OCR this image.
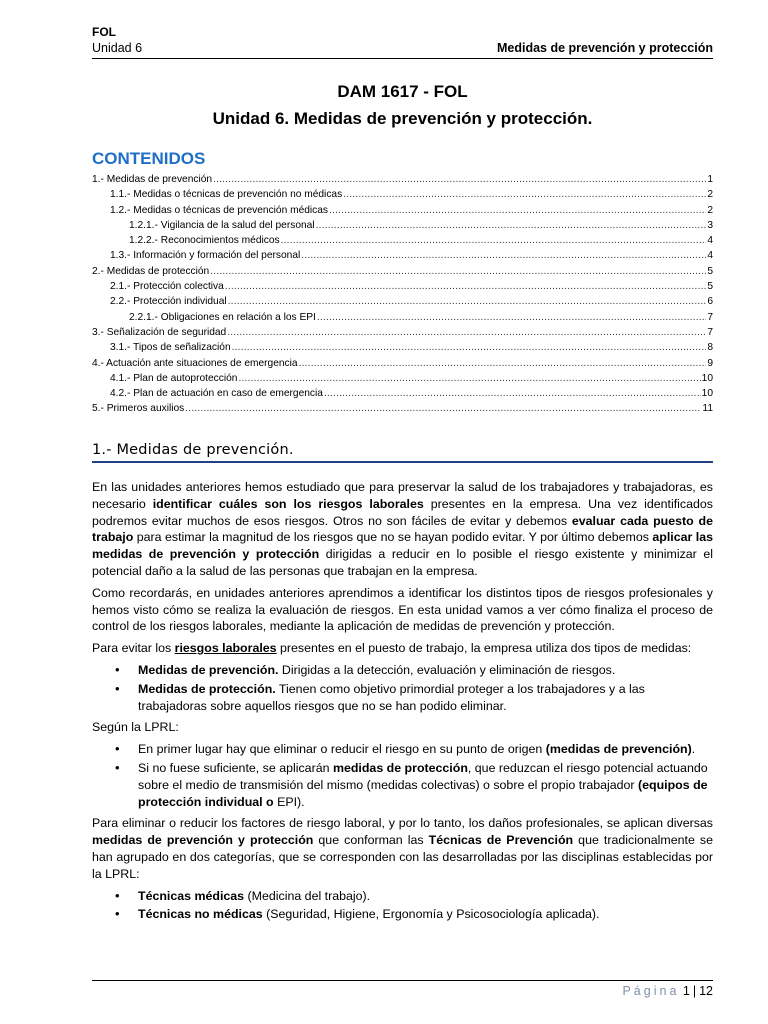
FOL
Unidad 6	Medidas de prevención y protección
DAM 1617 - FOL
Unidad 6. Medidas de prevención y protección.
CONTENIDOS
1.- Medidas de prevención .....	1
1.1.- Medidas o técnicas de prevención no médicas .....	2
1.2.- Medidas o técnicas de prevención médicas .....	2
1.2.1.- Vigilancia de la salud del personal .....	3
1.2.2.- Reconocimientos médicos .....	4
1.3.- Información y formación del personal .....	4
2.- Medidas de protección .....	5
2.1.- Protección colectiva .....	5
2.2.- Protección individual .....	6
2.2.1.- Obligaciones en relación a los EPI .....	7
3.- Señalización de seguridad .....	7
3.1.- Tipos de señalización .....	8
4.- Actuación ante situaciones de emergencia .....	9
4.1.- Plan de autoprotección .....	10
4.2.- Plan de actuación en caso de emergencia .....	10
5.- Primeros auxilios .....	11
1.- Medidas de prevención.

En las unidades anteriores hemos estudiado que para preservar la salud de los trabajadores y trabajadoras, es necesario identificar cuáles son los riesgos laborales presentes en la empresa. Una vez identificados podremos evitar muchos de esos riesgos. Otros no son fáciles de evitar y debemos evaluar cada puesto de trabajo para estimar la magnitud de los riesgos que no se hayan podido evitar. Y por último debemos aplicar las medidas de prevención y protección dirigidas a reducir en lo posible el riesgo existente y minimizar el potencial daño a la salud de las personas que trabajan en la empresa.

Como recordarás, en unidades anteriores aprendimos a identificar los distintos tipos de riesgos profesionales y hemos visto cómo se realiza la evaluación de riesgos. En esta unidad vamos a ver cómo finaliza el proceso de control de los riesgos laborales, mediante la aplicación de medidas de prevención y protección.

Para evitar los riesgos laborales presentes en el puesto de trabajo, la empresa utiliza dos tipos de medidas:

• Medidas de prevención. Dirigidas a la detección, evaluación y eliminación de riesgos.
• Medidas de protección. Tienen como objetivo primordial proteger a los trabajadores y a las trabajadoras sobre aquellos riesgos que no se han podido eliminar.

Según la LPRL:

• En primer lugar hay que eliminar o reducir el riesgo en su punto de origen (medidas de prevención).
• Si no fuese suficiente, se aplicarán medidas de protección, que reduzcan el riesgo potencial actuando sobre el medio de transmisión del mismo (medidas colectivas) o sobre el propio trabajador (equipos de protección individual o EPI).

Para eliminar o reducir los factores de riesgo laboral, y por lo tanto, los daños profesionales, se aplican diversas medidas de prevención y protección que conforman las Técnicas de Prevención que tradicionalmente se han agrupado en dos categorías, que se corresponden con las desarrolladas por las disciplinas establecidas por la LPRL:

• Técnicas médicas (Medicina del trabajo).
• Técnicas no médicas (Seguridad, Higiene, Ergonomía y Psicosociología aplicada).
Página 1 | 12
